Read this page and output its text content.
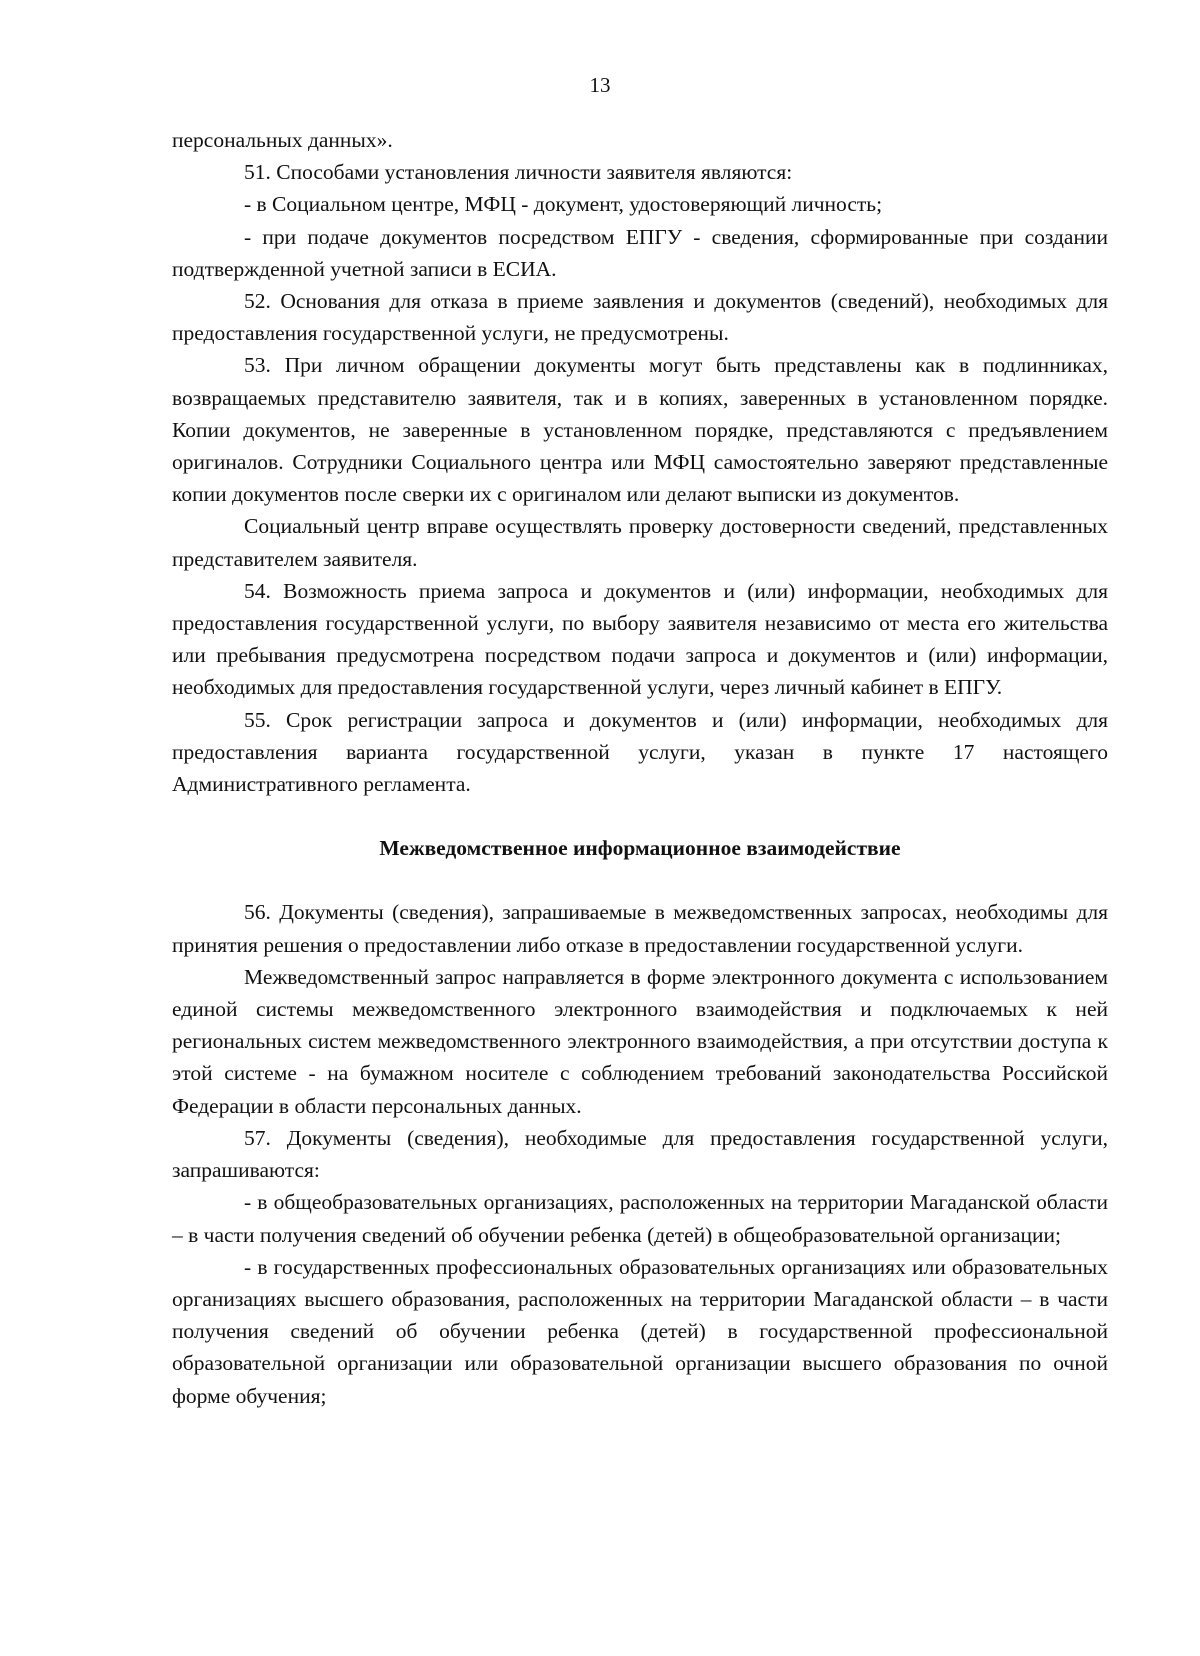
13

персональных данных».

51. Способами установления личности заявителя являются:

- в Социальном центре, МФЦ - документ, удостоверяющий личность;

- при подаче документов посредством ЕПГУ - сведения, сформированные при создании подтвержденной учетной записи в ЕСИА.

52. Основания для отказа в приеме заявления и документов (сведений), необходимых для предоставления государственной услуги, не предусмотрены.

53. При личном обращении документы могут быть представлены как в подлинниках, возвращаемых представителю заявителя, так и в копиях, заверенных в установленном порядке. Копии документов, не заверенные в установленном порядке, представляются с предъявлением оригиналов. Сотрудники Социального центра или МФЦ самостоятельно заверяют представленные копии документов после сверки их с оригиналом или делают выписки из документов.

Социальный центр вправе осуществлять проверку достоверности сведений, представленных представителем заявителя.

54. Возможность приема запроса и документов и (или) информации, необходимых для предоставления государственной услуги, по выбору заявителя независимо от места его жительства или пребывания предусмотрена посредством подачи запроса и документов и (или) информации, необходимых для предоставления государственной услуги, через личный кабинет в ЕПГУ.

55. Срок регистрации запроса и документов и (или) информации, необходимых для предоставления варианта государственной услуги, указан в пункте 17 настоящего Административного регламента.

Межведомственное информационное взаимодействие

56. Документы (сведения), запрашиваемые в межведомственных запросах, необходимы для принятия решения о предоставлении либо отказе в предоставлении государственной услуги.

Межведомственный запрос направляется в форме электронного документа с использованием единой системы межведомственного электронного взаимодействия и подключаемых к ней региональных систем межведомственного электронного взаимодействия, а при отсутствии доступа к этой системе - на бумажном носителе с соблюдением требований законодательства Российской Федерации в области персональных данных.

57. Документы (сведения), необходимые для предоставления государственной услуги, запрашиваются:

- в общеобразовательных организациях, расположенных на территории Магаданской области – в части получения сведений об обучении ребенка (детей) в общеобразовательной организации;

- в государственных профессиональных образовательных организациях или образовательных организациях высшего образования, расположенных на территории Магаданской области – в части получения сведений об обучении ребенка (детей) в государственной профессиональной образовательной организации или образовательной организации высшего образования по очной форме обучения;
